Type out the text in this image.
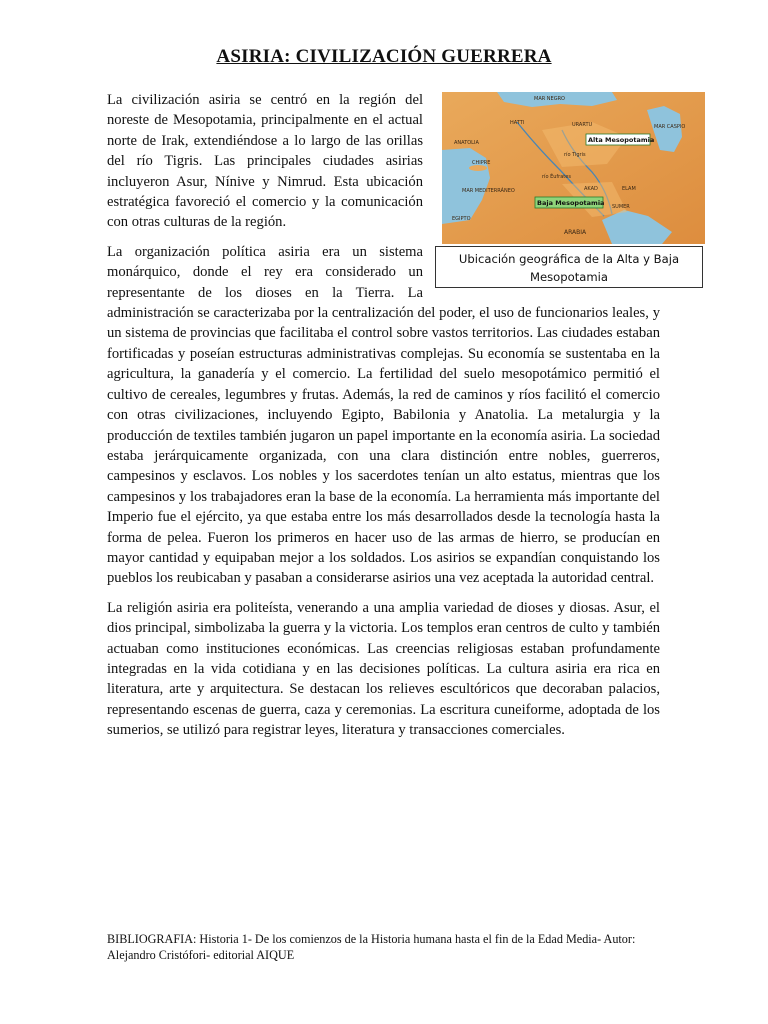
ASIRIA: CIVILIZACIÓN GUERRERA
MAR NEGRO
HATTI
ANATOLIA
CHIPRE
MAR MEDITERRÁNEO
EGIPTO
URARTU	MAR CASPIO
río Tigris
río Éufrates
AKAD	ELAM
SUMER
ARABIA
Alta Mesopotamia
Baja Mesopotamia
Ubicación geográfica de la Alta y Baja Mesopotamia

La civilización asiria se centró en la región del noreste de Mesopotamia, principalmente en el actual norte de Irak, extendiéndose a lo largo de las orillas del río Tigris. Las principales ciudades asirias incluyeron Asur, Nínive y Nimrud. Esta ubicación estratégica favoreció el comercio y la comunicación con otras culturas de la región.

La organización política asiria era un sistema monárquico, donde el rey era considerado un representante de los dioses en la Tierra. La administración se caracterizaba por la centralización del poder, el uso de funcionarios leales, y un sistema de provincias que facilitaba el control sobre vastos territorios. Las ciudades estaban fortificadas y poseían estructuras administrativas complejas. Su economía se sustentaba en la agricultura, la ganadería y el comercio. La fertilidad del suelo mesopotámico permitió el cultivo de cereales, legumbres y frutas. Además, la red de caminos y ríos facilitó el comercio con otras civilizaciones, incluyendo Egipto, Babilonia y Anatolia. La metalurgia y la producción de textiles también jugaron un papel importante en la economía asiria. La sociedad estaba jerárquicamente organizada, con una clara distinción entre nobles, guerreros, campesinos y esclavos. Los nobles y los sacerdotes tenían un alto estatus, mientras que los campesinos y los trabajadores eran la base de la economía. La herramienta más importante del Imperio fue el ejército, ya que estaba entre los más desarrollados desde la tecnología hasta la forma de pelea. Fueron los primeros en hacer uso de las armas de hierro, se producían en mayor cantidad y equipaban mejor a los soldados. Los asirios se expandían conquistando los pueblos los reubicaban y pasaban a considerarse asirios una vez aceptada la autoridad central.

La religión asiria era politeísta, venerando a una amplia variedad de dioses y diosas. Asur, el dios principal, simbolizaba la guerra y la victoria. Los templos eran centros de culto y también actuaban como instituciones económicas. Las creencias religiosas estaban profundamente integradas en la vida cotidiana y en las decisiones políticas. La cultura asiria era rica en literatura, arte y arquitectura. Se destacan los relieves escultóricos que decoraban palacios, representando escenas de guerra, caza y ceremonias. La escritura cuneiforme, adoptada de los sumerios, se utilizó para registrar leyes, literatura y transacciones comerciales.

BIBLIOGRAFIA: Historia 1- De los comienzos de la Historia humana hasta el fin de la Edad Media- Autor: Alejandro Cristófori- editorial AIQUE
